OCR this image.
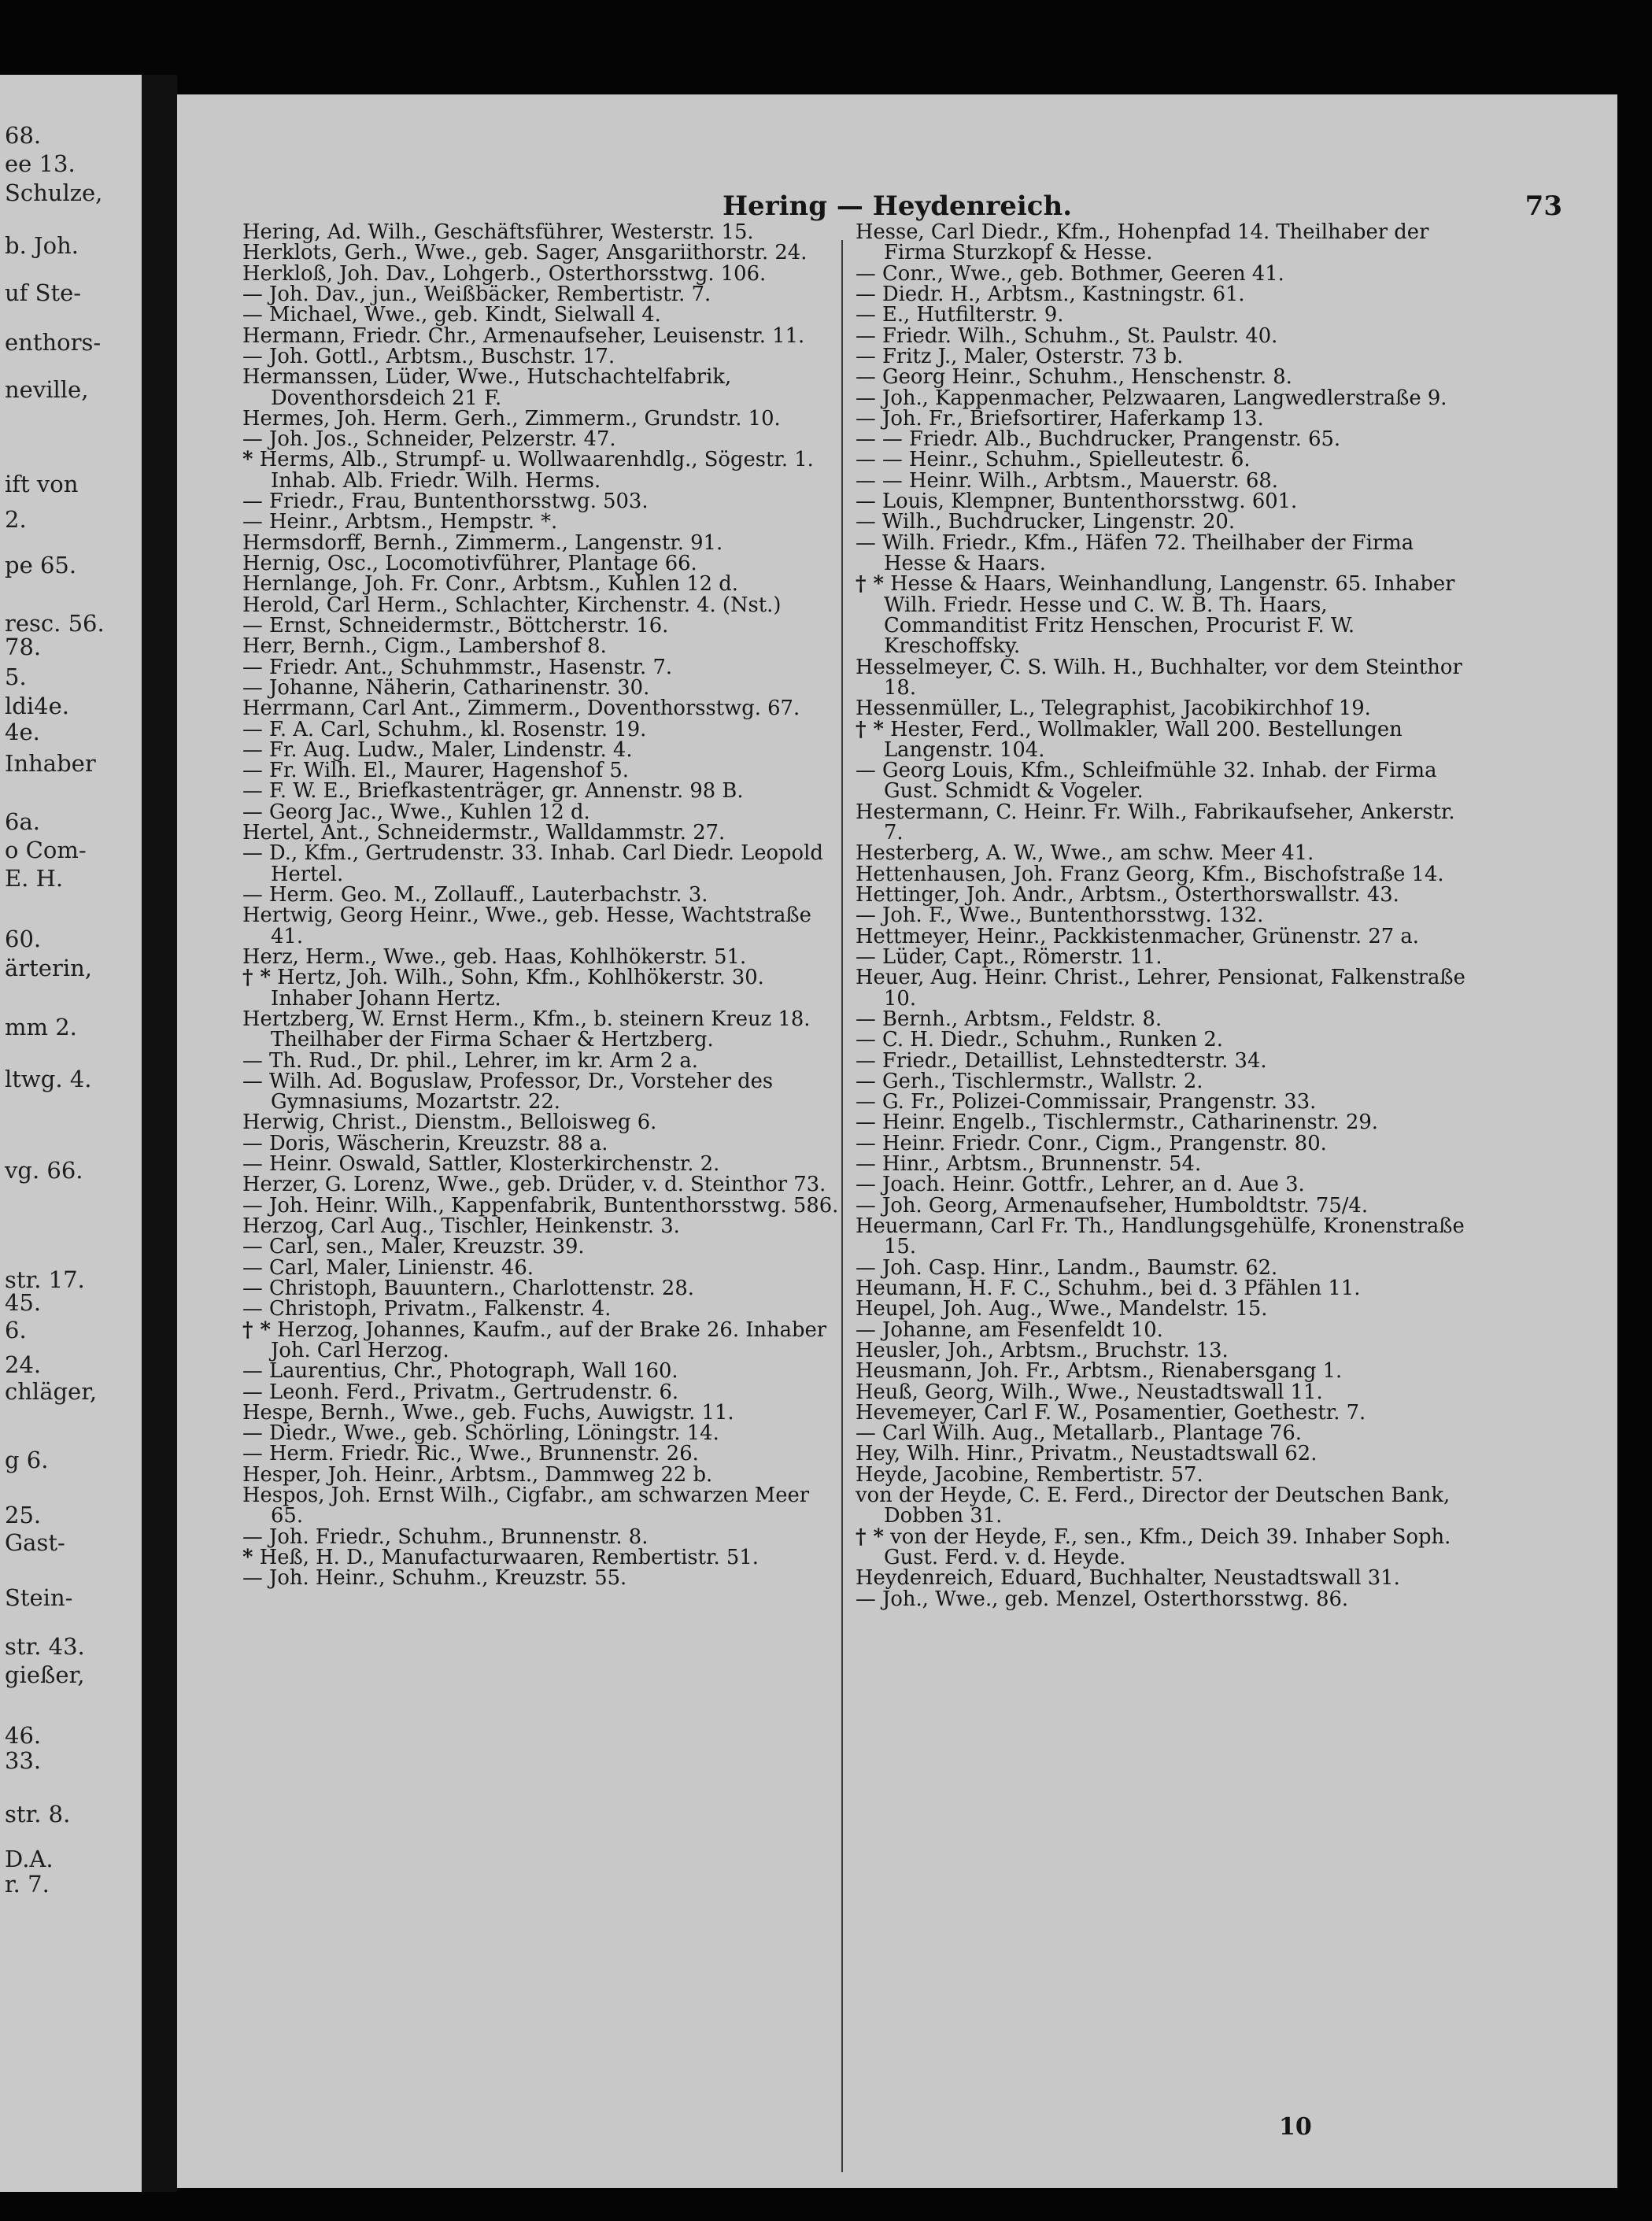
68.
ee 13.
Schulze,
b. Joh.
uf Ste-
enthors-
neville,
ift von
2.
pe 65.
resc. 56.
78.
5.
ldi4e.
4e.
Inhaber
6a.
o Com-
E. H.
60.
ärterin,
mm 2.
ltwg. 4.
vg. 66.
str. 17.
45.
6.
24.
chläger,
g 6.
25.
Gast-
Stein-
str. 43.
gießer,
46.
33.
str. 8.
D.A.
r. 7.
Hering — Heydenreich.	73

Hering, Ad. Wilh., Geschäftsführer, Westerstr. 15.

Herklots, Gerh., Wwe., geb. Sager, Ansgariithorstr. 24.

Herkloß, Joh. Dav., Lohgerb., Osterthorsstwg. 106.

— Joh. Dav., jun., Weißbäcker, Rembertistr. 7.

— Michael, Wwe., geb. Kindt, Sielwall 4.

Hermann, Friedr. Chr., Armenaufseher, Leuisenstr. 11.

— Joh. Gottl., Arbtsm., Buschstr. 17.

Hermanssen, Lüder, Wwe., Hutschachtelfabrik, Doventhorsdeich 21 F.

Hermes, Joh. Herm. Gerh., Zimmerm., Grundstr. 10.

— Joh. Jos., Schneider, Pelzerstr. 47.

* Herms, Alb., Strumpf- u. Wollwaarenhdlg., Sögestr. 1. Inhab. Alb. Friedr. Wilh. Herms.

— Friedr., Frau, Buntenthorsstwg. 503.

— Heinr., Arbtsm., Hempstr. *.

Hermsdorff, Bernh., Zimmerm., Langenstr. 91.

Hernig, Osc., Locomotivführer, Plantage 66.

Hernlange, Joh. Fr. Conr., Arbtsm., Kuhlen 12 d.

Herold, Carl Herm., Schlachter, Kirchenstr. 4. (Nst.)

— Ernst, Schneidermstr., Böttcherstr. 16.

Herr, Bernh., Cigm., Lambershof 8.

— Friedr. Ant., Schuhmmstr., Hasenstr. 7.

— Johanne, Näherin, Catharinenstr. 30.

Herrmann, Carl Ant., Zimmerm., Doventhorsstwg. 67.

— F. A. Carl, Schuhm., kl. Rosenstr. 19.

— Fr. Aug. Ludw., Maler, Lindenstr. 4.

— Fr. Wilh. El., Maurer, Hagenshof 5.

— F. W. E., Briefkastenträger, gr. Annenstr. 98 B.

— Georg Jac., Wwe., Kuhlen 12 d.

Hertel, Ant., Schneidermstr., Walldammstr. 27.

— D., Kfm., Gertrudenstr. 33. Inhab. Carl Diedr. Leopold Hertel.

— Herm. Geo. M., Zollauff., Lauterbachstr. 3.

Hertwig, Georg Heinr., Wwe., geb. Hesse, Wachtstraße 41.

Herz, Herm., Wwe., geb. Haas, Kohlhökerstr. 51.

† * Hertz, Joh. Wilh., Sohn, Kfm., Kohlhökerstr. 30. Inhaber Johann Hertz.

Hertzberg, W. Ernst Herm., Kfm., b. steinern Kreuz 18. Theilhaber der Firma Schaer & Hertzberg.

— Th. Rud., Dr. phil., Lehrer, im kr. Arm 2 a.

— Wilh. Ad. Boguslaw, Professor, Dr., Vorsteher des Gymnasiums, Mozartstr. 22.

Herwig, Christ., Dienstm., Belloisweg 6.

— Doris, Wäscherin, Kreuzstr. 88 a.

— Heinr. Oswald, Sattler, Klosterkirchenstr. 2.

Herzer, G. Lorenz, Wwe., geb. Drüder, v. d. Steinthor 73.

— Joh. Heinr. Wilh., Kappenfabrik, Buntenthorsstwg. 586.

Herzog, Carl Aug., Tischler, Heinkenstr. 3.

— Carl, sen., Maler, Kreuzstr. 39.

— Carl, Maler, Linienstr. 46.

— Christoph, Bauuntern., Charlottenstr. 28.

— Christoph, Privatm., Falkenstr. 4.

† * Herzog, Johannes, Kaufm., auf der Brake 26. Inhaber Joh. Carl Herzog.

— Laurentius, Chr., Photograph, Wall 160.

— Leonh. Ferd., Privatm., Gertrudenstr. 6.

Hespe, Bernh., Wwe., geb. Fuchs, Auwigstr. 11.

— Diedr., Wwe., geb. Schörling, Löningstr. 14.

— Herm. Friedr. Ric., Wwe., Brunnenstr. 26.

Hesper, Joh. Heinr., Arbtsm., Dammweg 22 b.

Hespos, Joh. Ernst Wilh., Cigfabr., am schwarzen Meer 65.

— Joh. Friedr., Schuhm., Brunnenstr. 8.

* Heß, H. D., Manufacturwaaren, Rembertistr. 51.

— Joh. Heinr., Schuhm., Kreuzstr. 55.

Hesse, Carl Diedr., Kfm., Hohenpfad 14. Theilhaber der Firma Sturzkopf & Hesse.

— Conr., Wwe., geb. Bothmer, Geeren 41.

— Diedr. H., Arbtsm., Kastningstr. 61.

— E., Hutfilterstr. 9.

— Friedr. Wilh., Schuhm., St. Paulstr. 40.

— Fritz J., Maler, Osterstr. 73 b.

— Georg Heinr., Schuhm., Henschenstr. 8.

— Joh., Kappenmacher, Pelzwaaren, Langwedlerstraße 9.

— Joh. Fr., Briefsortirer, Haferkamp 13.

— — Friedr. Alb., Buchdrucker, Prangenstr. 65.

— — Heinr., Schuhm., Spielleutestr. 6.

— — Heinr. Wilh., Arbtsm., Mauerstr. 68.

— Louis, Klempner, Buntenthorsstwg. 601.

— Wilh., Buchdrucker, Lingenstr. 20.

— Wilh. Friedr., Kfm., Häfen 72. Theilhaber der Firma Hesse & Haars.

† * Hesse & Haars, Weinhandlung, Langenstr. 65. Inhaber Wilh. Friedr. Hesse und C. W. B. Th. Haars, Commanditist Fritz Henschen, Procurist F. W. Kreschoffsky.

Hesselmeyer, C. S. Wilh. H., Buchhalter, vor dem Steinthor 18.

Hessenmüller, L., Telegraphist, Jacobikirchhof 19.

† * Hester, Ferd., Wollmakler, Wall 200. Bestellungen Langenstr. 104.

— Georg Louis, Kfm., Schleifmühle 32. Inhab. der Firma Gust. Schmidt & Vogeler.

Hestermann, C. Heinr. Fr. Wilh., Fabrikaufseher, Ankerstr. 7.

Hesterberg, A. W., Wwe., am schw. Meer 41.

Hettenhausen, Joh. Franz Georg, Kfm., Bischofstraße 14.

Hettinger, Joh. Andr., Arbtsm., Osterthorswallstr. 43.

— Joh. F., Wwe., Buntenthorsstwg. 132.

Hettmeyer, Heinr., Packkistenmacher, Grünenstr. 27 a.

— Lüder, Capt., Römerstr. 11.

Heuer, Aug. Heinr. Christ., Lehrer, Pensionat, Falkenstraße 10.

— Bernh., Arbtsm., Feldstr. 8.

— C. H. Diedr., Schuhm., Runken 2.

— Friedr., Detaillist, Lehnstedterstr. 34.

— Gerh., Tischlermstr., Wallstr. 2.

— G. Fr., Polizei-Commissair, Prangenstr. 33.

— Heinr. Engelb., Tischlermstr., Catharinenstr. 29.

— Heinr. Friedr. Conr., Cigm., Prangenstr. 80.

— Hinr., Arbtsm., Brunnenstr. 54.

— Joach. Heinr. Gottfr., Lehrer, an d. Aue 3.

— Joh. Georg, Armenaufseher, Humboldtstr. 75/4.

Heuermann, Carl Fr. Th., Handlungsgehülfe, Kronenstraße 15.

— Joh. Casp. Hinr., Landm., Baumstr. 62.

Heumann, H. F. C., Schuhm., bei d. 3 Pfählen 11.

Heupel, Joh. Aug., Wwe., Mandelstr. 15.

— Johanne, am Fesenfeldt 10.

Heusler, Joh., Arbtsm., Bruchstr. 13.

Heusmann, Joh. Fr., Arbtsm., Rienabersgang 1.

Heuß, Georg, Wilh., Wwe., Neustadtswall 11.

Hevemeyer, Carl F. W., Posamentier, Goethestr. 7.

— Carl Wilh. Aug., Metallarb., Plantage 76.

Hey, Wilh. Hinr., Privatm., Neustadtswall 62.

Heyde, Jacobine, Rembertistr. 57.

von der Heyde, C. E. Ferd., Director der Deutschen Bank, Dobben 31.

† * von der Heyde, F., sen., Kfm., Deich 39. Inhaber Soph. Gust. Ferd. v. d. Heyde.

Heydenreich, Eduard, Buchhalter, Neustadtswall 31.

— Joh., Wwe., geb. Menzel, Osterthorsstwg. 86.

10
